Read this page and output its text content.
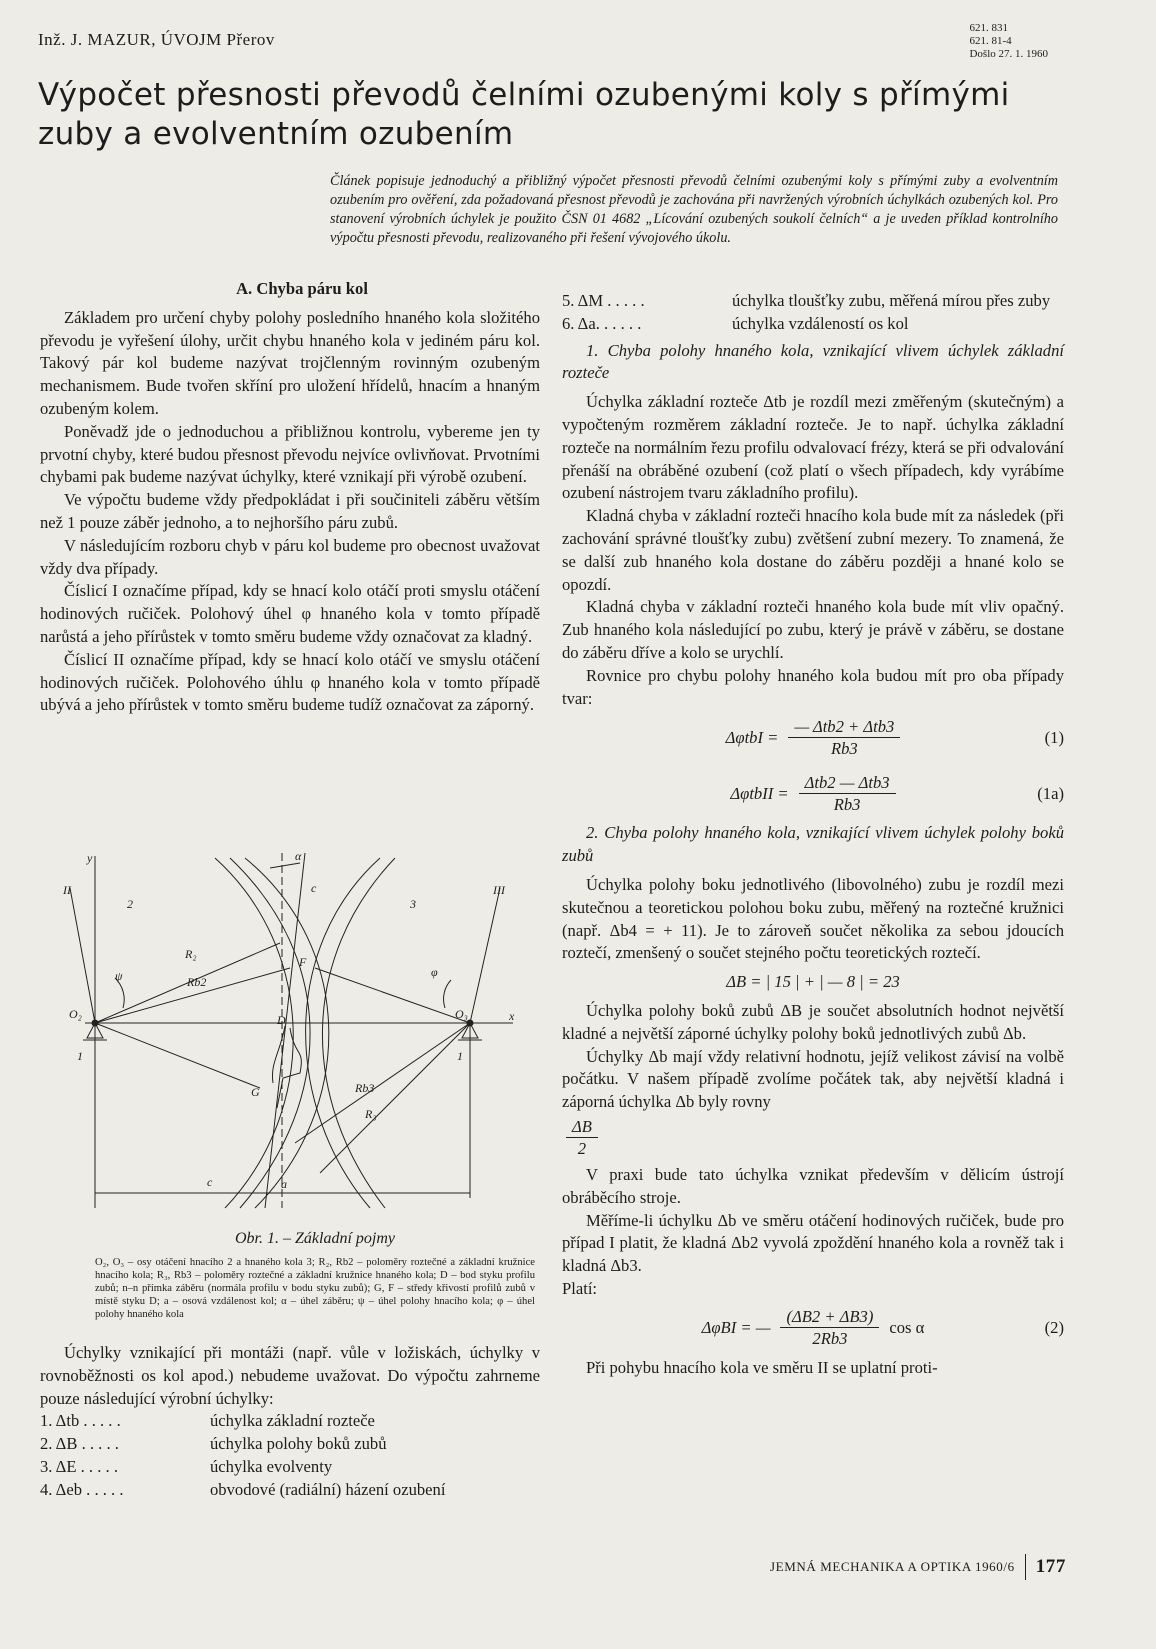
Inž. J. MAZUR, ÚVOJM Přerov
621. 831
621. 81-4
Došlo 27. 1. 1960
Výpočet přesnosti převodů čelními ozubenými koly s přímými zuby a evolventním ozubením
Článek popisuje jednoduchý a přibližný výpočet přesnosti převodů čelními ozubenými koly s přímými zuby a evolventním ozubením pro ověření, zda požadovaná přesnost převodů je zachována při navržených výrobních úchylkách ozubených kol. Pro stanovení výrobních úchylek je použito ČSN 01 4682 „Lícování ozubených soukolí čelních“ a je uveden příklad kontrolního výpočtu přesnosti převodu, realizovaného při řešení vývojového úkolu.

A. Chyba páru kol

Základem pro určení chyby polohy posledního hnaného kola složitého převodu je vyřešení úlohy, určit chybu hnaného kola v jediném páru kol. Takový pár kol budeme nazývat trojčlenným rovinným ozubeným mechanismem. Bude tvořen skříní pro uložení hřídelů, hnacím a hnaným ozubeným kolem.

Poněvadž jde o jednoduchou a přibližnou kontrolu, vybereme jen ty prvotní chyby, které budou přesnost převodu nejvíce ovlivňovat. Prvotními chybami pak budeme nazývat úchylky, které vznikají při výrobě ozubení.

Ve výpočtu budeme vždy předpokládat i při součiniteli záběru větším než 1 pouze záběr jednoho, a to nejhoršího páru zubů.

V následujícím rozboru chyb v páru kol budeme pro obecnost uvažovat vždy dva případy.

Číslicí I označíme případ, kdy se hnací kolo otáčí proti smyslu otáčení hodinových ručiček. Polohový úhel φ hnaného kola v tomto případě narůstá a jeho přírůstek v tomto směru budeme vždy označovat za kladný.

Číslicí II označíme případ, kdy se hnací kolo otáčí ve smyslu otáčení hodinových ručiček. Polohového úhlu φ hnaného kola v tomto případě ubývá a jeho přírůstek v tomto směru budeme tudíž označovat za záporný.

y
x
II	III
1	1
2	3
ψ	φ
α
R₂
Rb2
Rb3
R₃
O₂	O₃
F
D
G
c
c	a
Obr. 1. – Základní pojmy
O₂, O₃ – osy otáčení hnacího 2 a hnaného kola 3; R₂, Rb2 – poloměry roztečné a základní kružnice hnacího kola; R₃, Rb3 – poloměry roztečné a základní kružnice hnaného kola; D – bod styku profilu zubů; n–n přímka záběru (normála profilu v bodu styku zubů); G, F – středy křivostí profilů zubů v místě styku D; a – osová vzdálenost kol; α – úhel záběru; ψ – úhel polohy hnacího kola; φ – úhel polohy hnaného kola

Úchylky vznikající při montáži (např. vůle v ložiskách, úchylky v rovnoběžnosti os kol apod.) nebudeme uvažovat. Do výpočtu zahrneme pouze následující výrobní úchylky:

1. Δtb . . . . .	úchylka základní rozteče
2. ΔB . . . . .	úchylka polohy boků zubů
3. ΔE . . . . .	úchylka evolventy
4. Δeb . . . . .	obvodové (radiální) házení ozubení
5. ΔM . . . . .	úchylka tloušťky zubu, měřená mírou přes zuby
6. Δa. . . . . .	úchylka vzdáleností os kol

1. Chyba polohy hnaného kola, vznikající vlivem úchylek základní rozteče

Úchylka základní rozteče Δtb je rozdíl mezi změřeným (skutečným) a vypočteným rozměrem základní rozteče. Je to např. úchylka základní rozteče na normálním řezu profilu odvalovací frézy, která se při odvalování přenáší na obráběné ozubení (což platí o všech případech, kdy vyrábíme ozubení nástrojem tvaru základního profilu).

Kladná chyba v základní rozteči hnacího kola bude mít za následek (při zachování správné tloušťky zubu) zvětšení zubní mezery. To znamená, že se další zub hnaného kola dostane do záběru později a hnané kolo se opozdí.

Kladná chyba v základní rozteči hnaného kola bude mít vliv opačný. Zub hnaného kola následující po zubu, který je právě v záběru, se dostane do záběru dříve a kolo se urychlí.

Rovnice pro chybu polohy hnaného kola budou mít pro oba případy tvar:

$\Delta\varphi tbI = \frac{\text{— Δtb2 + Δtb3}}{Rb3}$	(1)
ΔφtbII = $\frac{\text{Δtb2 — Δtb3}}{Rb3}$	(1a)

2. Chyba polohy hnaného kola, vznikající vlivem úchylek polohy boků zubů

Úchylka polohy boku jednotlivého (libovolného) zubu je rozdíl mezi skutečnou a teoretickou polohou boku zubu, měřený na roztečné kružnici (např. Δb4 = + 11). Je to zároveň součet několika za sebou jdoucích roztečí, zmenšený o součet stejného počtu teoretických roztečí.

ΔB = | 15 | + | — 8 | = 23

Úchylka polohy boků zubů ΔB je součet absolutních hodnot největší kladné a největší záporné úchylky polohy boků jednotlivých zubů Δb.

Úchylky Δb mají vždy relativní hodnotu, jejíž velikost závisí na volbě počátku. V našem případě zvolíme počátek tak, aby největší kladná i záporná úchylka Δb byly rovny

$\frac{\Delta B}{2}$

V praxi bude tato úchylka vznikat především v dělicím ústrojí obráběcího stroje.

Měříme-li úchylku Δb ve směru otáčení hodinových ručiček, bude pro případ I platit, že kladná Δb2 vyvolá zpoždění hnaného kola a rovněž tak i kladná Δb3.

Platí:

ΔφBI = — $\frac{(\Delta B2 + \Delta B3)}{2Rb3}$ cos α	(2)

Při pohybu hnacího kola ve směru II se uplatní proti-

JEMNÁ MECHANIKA A OPTIKA 1960/6 177
